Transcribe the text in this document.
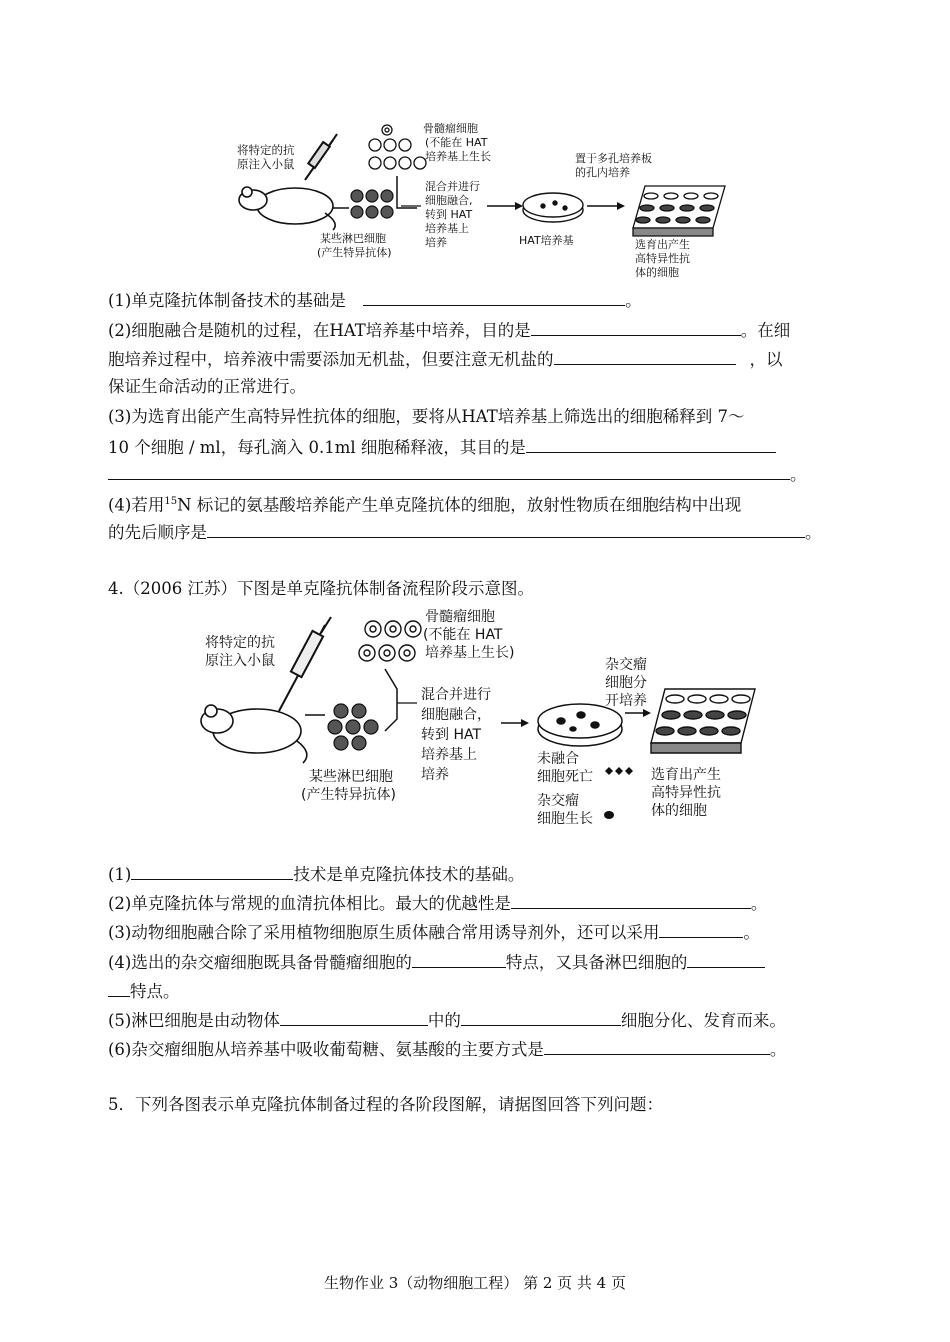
将特定的抗
原注入小鼠
骨髓瘤细胞
(不能在 HAT
培养基上生长
某些淋巴细胞
(产生特异抗体)
混合并进行
细胞融合,
转到 HAT
培养基上
培养	HAT培养基
置于多孔培养板
的孔内培养
选育出产生
高特异性抗
体的细胞
(1)单克隆抗体制备技术的基础是	。
(2)细胞融合是随机的过程，在HAT培养基中培养，目的是	。在细
胞培养过程中，培养液中需要添加无机盐，但要注意无机盐的	，以
保证生命活动的正常进行。
(3)为选育出能产生高特异性抗体的细胞，要将从HAT培养基上筛选出的细胞稀释到 7～
10 个细胞 / ml，每孔滴入 0.1ml 细胞稀释液，其目的是
。
(4)若用$^{15}$N 标记的氨基酸培养能产生单克隆抗体的细胞，放射性物质在细胞结构中出现
的先后顺序是	。
4.（2006 江苏）下图是单克隆抗体制备流程阶段示意图。
将特定的抗
原注入小鼠
骨髓瘤细胞
(不能在 HAT
培养基上生长)
某些淋巴细胞
(产生特异抗体)
混合并进行
细胞融合，
转到 HAT
培养基上
培养
未融合
细胞死亡
杂交瘤
细胞生长
杂交瘤
细胞分
开培养
选育出产生
高特异性抗
体的细胞
(1)	技术是单克隆抗体技术的基础。
(2)单克隆抗体与常规的血清抗体相比。最大的优越性是	。
(3)动物细胞融合除了采用植物细胞原生质体融合常用诱导剂外，还可以采用	。
(4)选出的杂交瘤细胞既具备骨髓瘤细胞的	特点，又具备淋巴细胞的
特点。
(5)淋巴细胞是由动物体	中的	细胞分化、发育而来。
(6)杂交瘤细胞从培养基中吸收葡萄糖、氨基酸的主要方式是	。
5．下列各图表示单克隆抗体制备过程的各阶段图解，请据图回答下列问题：
生物作业 3（动物细胞工程） 第 2 页 共 4 页
